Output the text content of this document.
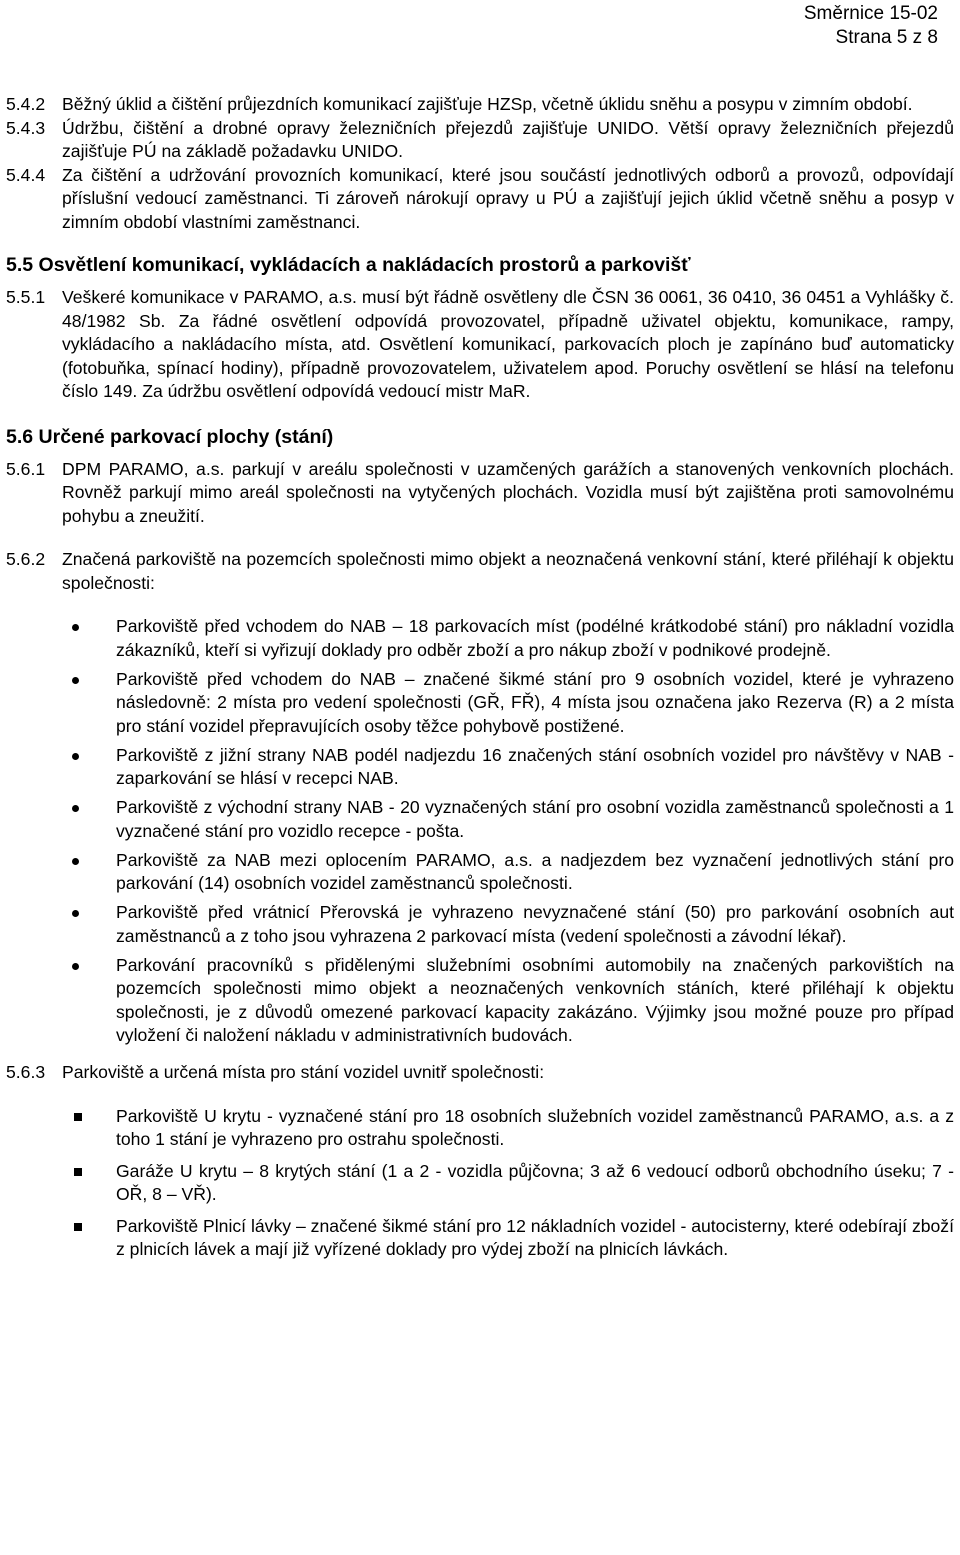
Směrnice 15-02
Strana 5 z 8
5.4.2 Běžný úklid a čištění průjezdních komunikací zajišťuje HZSp, včetně úklidu sněhu a posypu v zimním období.
5.4.3 Údržbu, čištění a drobné opravy železničních přejezdů zajišťuje UNIDO. Větší opravy železničních přejezdů zajišťuje PÚ na základě požadavku UNIDO.
5.4.4 Za čištění a udržování provozních komunikací, které jsou součástí jednotlivých odborů a provozů, odpovídají příslušní vedoucí zaměstnanci. Ti zároveň nárokují opravy u PÚ a zajišťují jejich úklid včetně sněhu a posyp v zimním období vlastními zaměstnanci.
5.5 Osvětlení komunikací, vykládacích a nakládacích prostorů a parkovišť
5.5.1 Veškeré komunikace v PARAMO, a.s. musí být řádně osvětleny dle ČSN 36 0061, 36 0410, 36 0451 a Vyhlášky č. 48/1982 Sb. Za řádné osvětlení odpovídá provozovatel, případně uživatel objektu, komunikace, rampy, vykládacího a nakládacího místa, atd. Osvětlení komunikací, parkovacích ploch je zapínáno buď automaticky (fotobuňka, spínací hodiny), případně provozovatelem, uživatelem apod. Poruchy osvětlení se hlásí na telefonu číslo 149. Za údržbu osvětlení odpovídá vedoucí mistr MaR.
5.6 Určené parkovací plochy (stání)
5.6.1 DPM PARAMO, a.s. parkují v areálu společnosti v uzamčených garážích a stanovených venkovních plochách. Rovněž parkují mimo areál společnosti na vytyčených plochách. Vozidla musí být zajištěna proti samovolnému pohybu a zneužití.
5.6.2 Značená parkoviště na pozemcích společnosti mimo objekt a neoznačená venkovní stání, které přiléhají k objektu společnosti:
Parkoviště před vchodem do NAB – 18 parkovacích míst (podélné krátkodobé stání) pro nákladní vozidla zákazníků, kteří si vyřizují doklady pro odběr zboží a pro nákup zboží v podnikové prodejně.
Parkoviště před vchodem do NAB – značené šikmé stání pro 9 osobních vozidel, které je vyhrazeno následovně: 2 místa pro vedení společnosti (GŘ, FŘ), 4 místa jsou označena jako Rezerva (R) a 2 místa pro stání vozidel přepravujících osoby těžce pohybově postižené.
Parkoviště z jižní strany NAB podél nadjezdu 16 značených stání osobních vozidel pro návštěvy v NAB - zaparkování se hlásí v recepci NAB.
Parkoviště z východní strany NAB - 20 vyznačených stání pro osobní vozidla zaměstnanců společnosti a 1 vyznačené stání pro vozidlo recepce - pošta.
Parkoviště za NAB mezi oplocením PARAMO, a.s. a nadjezdem bez vyznačení jednotlivých stání pro parkování (14) osobních vozidel zaměstnanců společnosti.
Parkoviště před vrátnicí Přerovská je vyhrazeno nevyznačené stání (50) pro parkování osobních aut zaměstnanců a z toho jsou vyhrazena 2 parkovací místa (vedení společnosti a závodní lékař).
Parkování pracovníků s přidělenými služebními osobními automobily na značených parkovištích na pozemcích společnosti mimo objekt a neoznačených venkovních stáních, které přiléhají k objektu společnosti, je z důvodů omezené parkovací kapacity zakázáno. Výjimky jsou možné pouze pro případ vyložení či naložení nákladu v administrativních budovách.
5.6.3 Parkoviště a určená místa pro stání vozidel uvnitř společnosti:
Parkoviště U krytu - vyznačené stání pro 18 osobních služebních vozidel zaměstnanců PARAMO, a.s. a z toho 1 stání je vyhrazeno pro ostrahu společnosti.
Garáže U krytu – 8 krytých stání (1 a 2 - vozidla půjčovna; 3 až 6 vedoucí odborů obchodního úseku; 7 - OŘ, 8 – VŘ).
Parkoviště Plnicí lávky – značené šikmé stání pro 12 nákladních vozidel - autocisterny, které odebírají zboží z plnicích lávek a mají již vyřízené doklady pro výdej zboží na plnicích lávkách.
